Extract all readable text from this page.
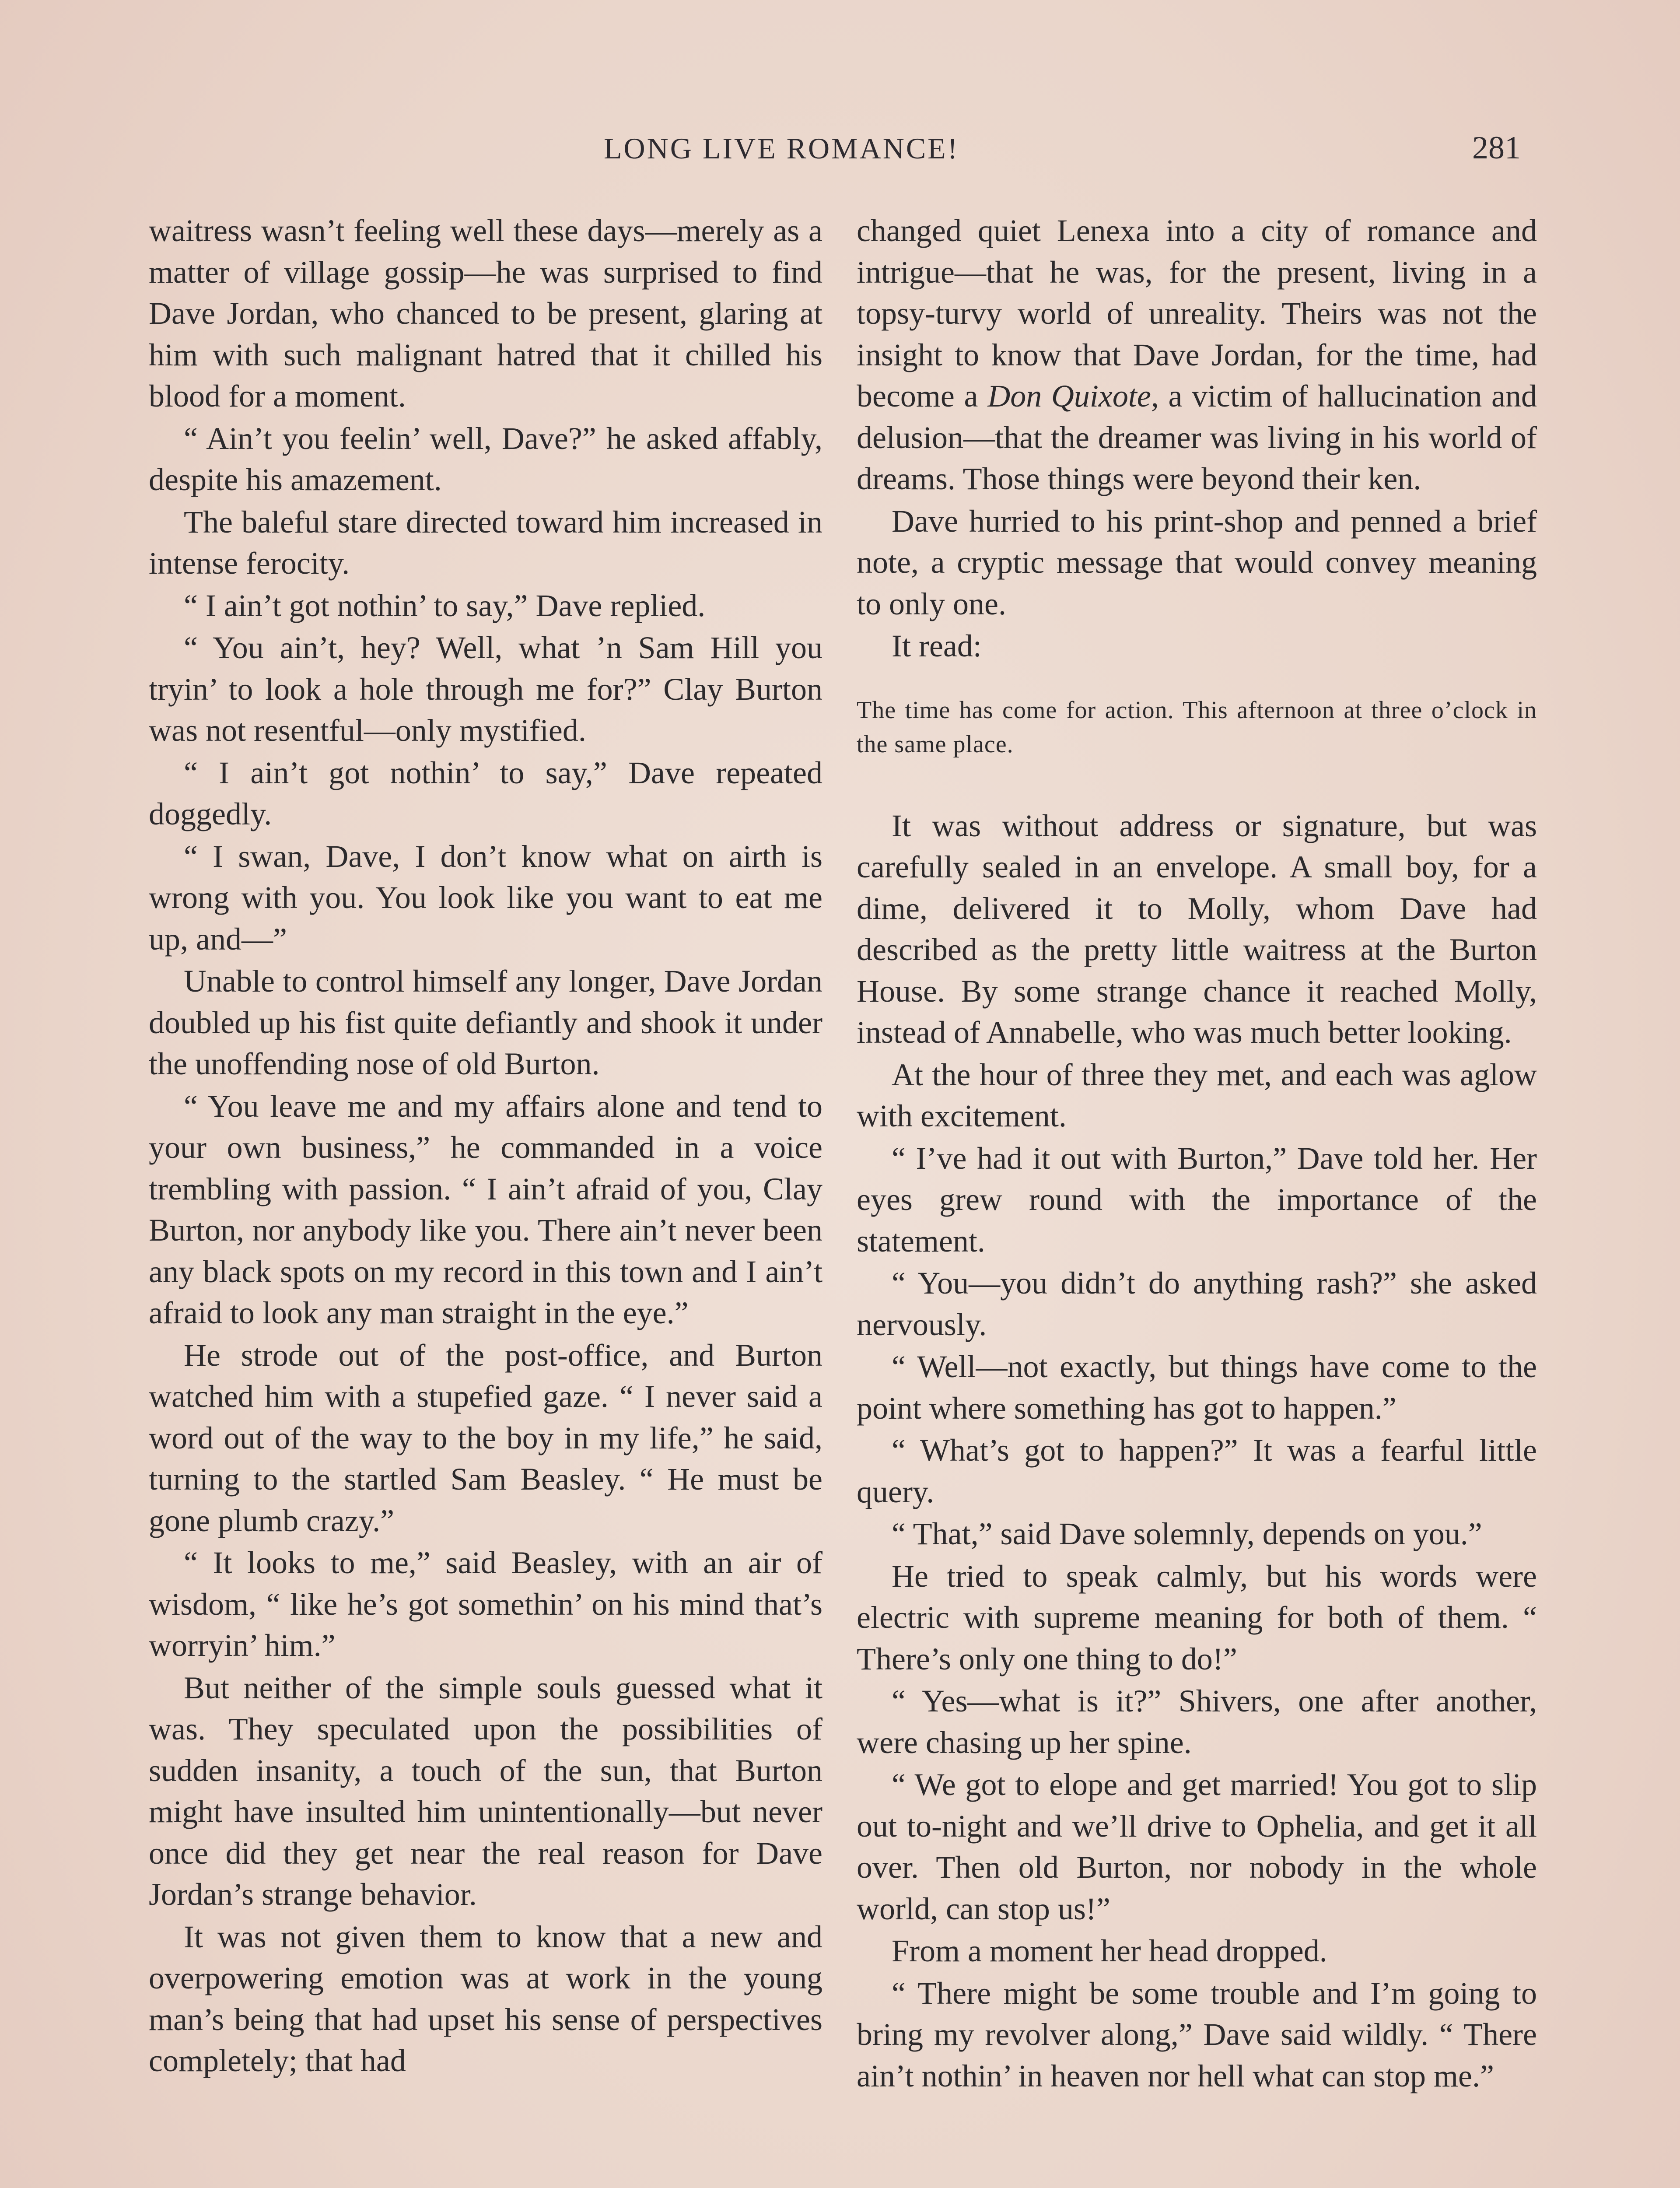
LONG LIVE ROMANCE!	281

waitress wasn’t feeling well these days—merely as a matter of village gossip—he was surprised to find Dave Jordan, who chanced to be present, glaring at him with such malignant hatred that it chilled his blood for a moment.

“ Ain’t you feelin’ well, Dave?” he asked affably, despite his amazement.

The baleful stare directed toward him increased in intense ferocity.

“ I ain’t got nothin’ to say,” Dave replied.

“ You ain’t, hey? Well, what ’n Sam Hill you tryin’ to look a hole through me for?” Clay Burton was not resentful—only mystified.

“ I ain’t got nothin’ to say,” Dave repeated doggedly.

“ I swan, Dave, I don’t know what on airth is wrong with you. You look like you want to eat me up, and—”

Unable to control himself any longer, Dave Jordan doubled up his fist quite defiantly and shook it under the unoffending nose of old Burton.

“ You leave me and my affairs alone and tend to your own business,” he commanded in a voice trembling with passion. “ I ain’t afraid of you, Clay Burton, nor anybody like you. There ain’t never been any black spots on my record in this town and I ain’t afraid to look any man straight in the eye.”

He strode out of the post-office, and Burton watched him with a stupefied gaze. “ I never said a word out of the way to the boy in my life,” he said, turning to the startled Sam Beasley. “ He must be gone plumb crazy.”

“ It looks to me,” said Beasley, with an air of wisdom, “ like he’s got somethin’ on his mind that’s worryin’ him.”

But neither of the simple souls guessed what it was. They speculated upon the possibilities of sudden insanity, a touch of the sun, that Burton might have insulted him unintentionally—but never once did they get near the real reason for Dave Jordan’s strange behavior.

It was not given them to know that a new and overpowering emotion was at work in the young man’s being that had upset his sense of perspectives completely; that had

changed quiet Lenexa into a city of romance and intrigue—that he was, for the present, living in a topsy-turvy world of unreality. Theirs was not the insight to know that Dave Jordan, for the time, had become a Don Quixote, a victim of hallucination and delusion—that the dreamer was living in his world of dreams. Those things were beyond their ken.

Dave hurried to his print-shop and penned a brief note, a cryptic message that would convey meaning to only one.

It read:

The time has come for action. This afternoon at three o’clock in the same place.

It was without address or signature, but was carefully sealed in an envelope. A small boy, for a dime, delivered it to Molly, whom Dave had described as the pretty little waitress at the Burton House. By some strange chance it reached Molly, instead of Annabelle, who was much better looking.

At the hour of three they met, and each was aglow with excitement.

“ I’ve had it out with Burton,” Dave told her. Her eyes grew round with the importance of the statement.

“ You—you didn’t do anything rash?” she asked nervously.

“ Well—not exactly, but things have come to the point where something has got to happen.”

“ What’s got to happen?” It was a fearful little query.

“ That,” said Dave solemnly, depends on you.”

He tried to speak calmly, but his words were electric with supreme meaning for both of them. “ There’s only one thing to do!”

“ Yes—what is it?” Shivers, one after another, were chasing up her spine.

“ We got to elope and get married! You got to slip out to-night and we’ll drive to Ophelia, and get it all over. Then old Burton, nor nobody in the whole world, can stop us!”

From a moment her head dropped.

“ There might be some trouble and I’m going to bring my revolver along,” Dave said wildly. “ There ain’t nothin’ in heaven nor hell what can stop me.”
